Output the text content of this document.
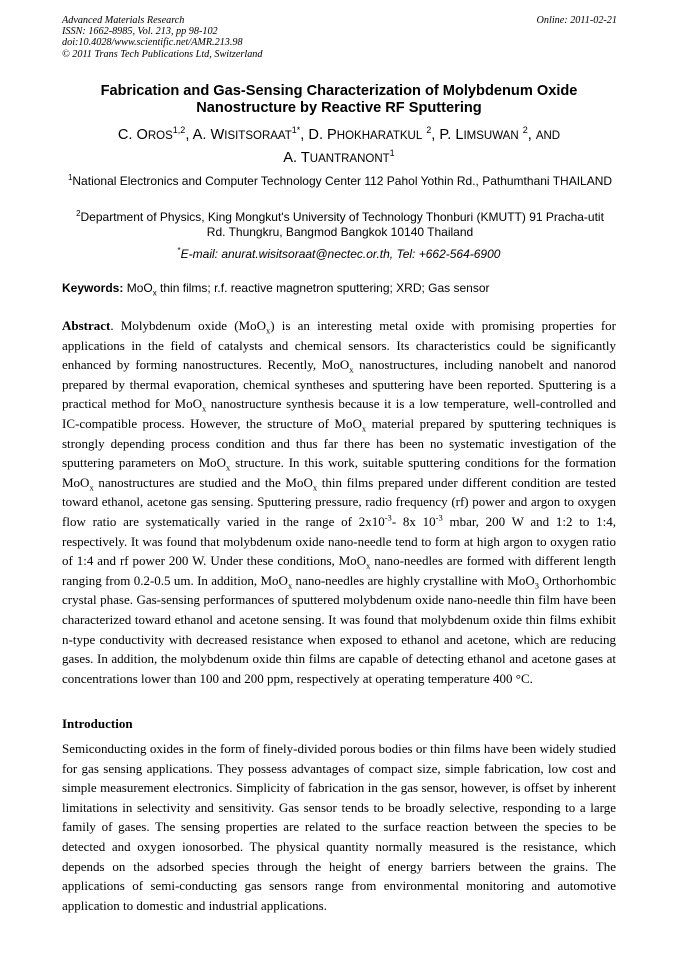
Advanced Materials Research
ISSN: 1662-8985, Vol. 213, pp 98-102
doi:10.4028/www.scientific.net/AMR.213.98
© 2011 Trans Tech Publications Ltd, Switzerland
Online: 2011-02-21
Fabrication and Gas-Sensing Characterization of Molybdenum Oxide
Nanostructure by Reactive RF Sputtering
C. OROS$^{1,2}$, A. $WISITSORAAT^{1*}$, D. PHOKHARATKUL $^2$, P. LIMSUWAN $^2$, AND
A. TUANTRANONT$^1$
$^1$National Electronics and Computer Technology Center 112 Pahol Yothin Rd., Pathumthani THAILAND
$^2$Department of Physics, King Mongkut's University of Technology Thonburi (KMUTT) 91 Pracha-utit Rd. Thungkru, Bangmod Bangkok 10140 Thailand
*E-mail: anurat.wisitsoraat@nectec.or.th, Tel: +662-564-6900
Keywords: MoO$_x$ thin films; r.f. reactive magnetron sputtering; XRD; Gas sensor
Abstract. Molybdenum oxide (MoO$_x$) is an interesting metal oxide with promising properties for applications in the field of catalysts and chemical sensors. Its characteristics could be significantly enhanced by forming nanostructures. Recently, MoO$_x$ nanostructures, including nanobelt and nanorod prepared by thermal evaporation, chemical syntheses and sputtering have been reported. Sputtering is a practical method for MoO$_x$ nanostructure synthesis because it is a low temperature, well-controlled and IC-compatible process. However, the structure of MoO$_x$ material prepared by sputtering techniques is strongly depending process condition and thus far there has been no systematic investigation of the sputtering parameters on MoO$_x$ structure. In this work, suitable sputtering conditions for the formation MoO$_x$ nanostructures are studied and the MoO$_x$ thin films prepared under different condition are tested toward ethanol, acetone gas sensing. Sputtering pressure, radio frequency (rf) power and argon to oxygen flow ratio are systematically varied in the range of $2x10^{-3}-$ 8x $10^{-3}$ mbar, 200 W and 1:2 to 1:4, respectively. It was found that molybdenum oxide nano-needle tend to form at high argon to oxygen ratio of 1:4 and rf power 200 W. Under these conditions, MoO$_x$ nano-needles are formed with different length ranging from 0.2-0.5 um. In addition, MoO$_x$ nano-needles are highly crystalline with MoO$_3$ Orthorhombic crystal phase. Gas-sensing performances of sputtered molybdenum oxide nano-needle thin film have been characterized toward ethanol and acetone sensing. It was found that molybdenum oxide thin films exhibit n-type conductivity with decreased resistance when exposed to ethanol and acetone, which are reducing gases. In addition, the molybdenum oxide thin films are capable of detecting ethanol and acetone gases at concentrations lower than 100 and 200 ppm, respectively at operating temperature 400 °C.
Introduction
Semiconducting oxides in the form of finely-divided porous bodies or thin films have been widely studied for gas sensing applications. They possess advantages of compact size, simple fabrication, low cost and simple measurement electronics. Simplicity of fabrication in the gas sensor, however, is offset by inherent limitations in selectivity and sensitivity. Gas sensor tends to be broadly selective, responding to a large family of gases. The sensing properties are related to the surface reaction between the species to be detected and oxygen ionosorbed. The physical quantity normally measured is the resistance, which depends on the adsorbed species through the height of energy barriers between the grains. The applications of semi-conducting gas sensors range from environmental monitoring and automotive application to domestic and industrial applications.
